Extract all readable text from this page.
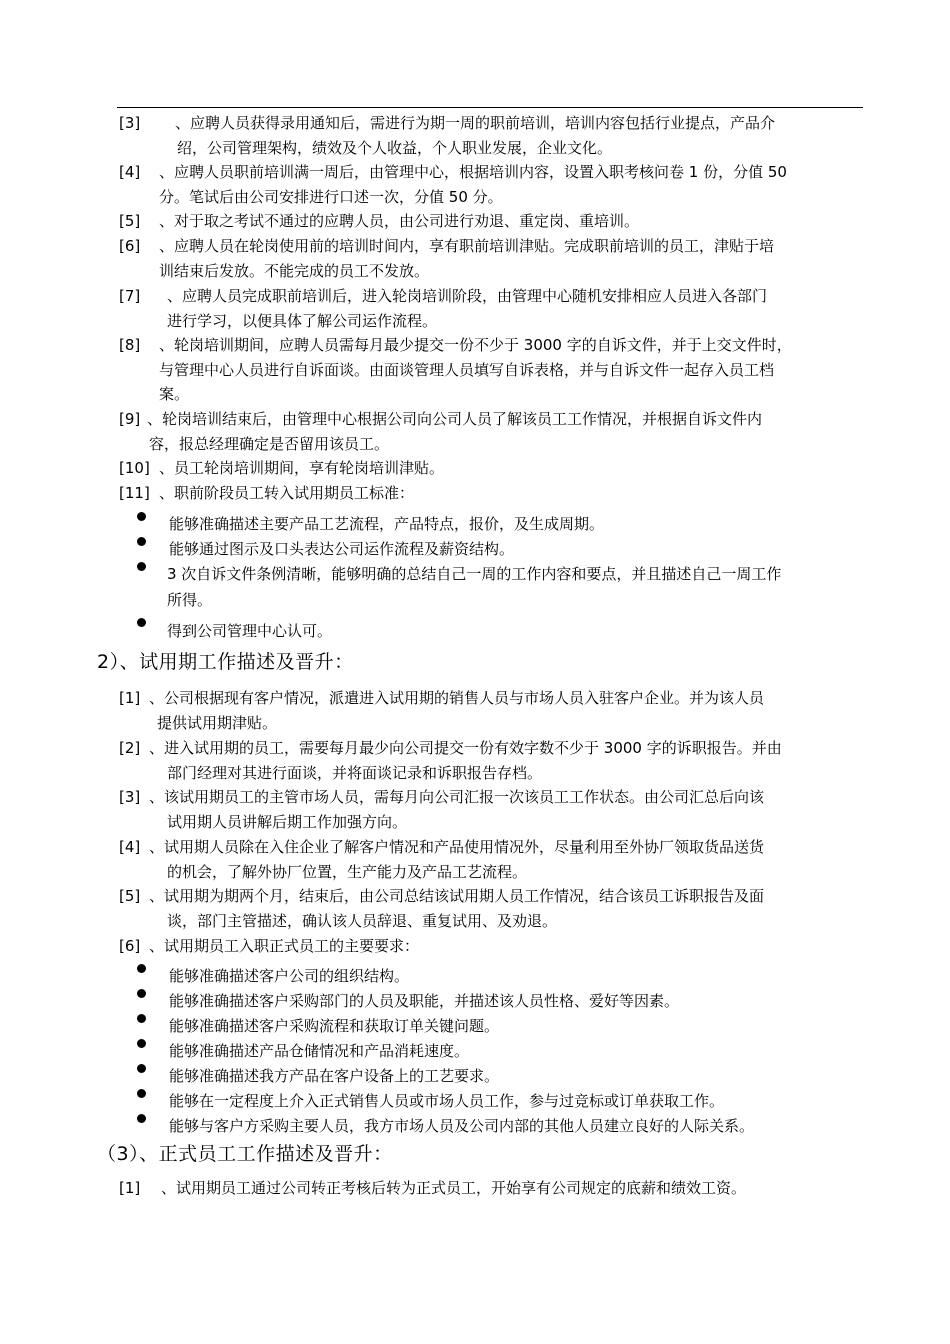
[3] 、应聘人员获得录用通知后，需进行为期一周的职前培训，培训内容包括行业提点，产品介
绍，公司管理架构，绩效及个人收益，个人职业发展，企业文化。
[4] 、应聘人员职前培训满一周后，由管理中心，根据培训内容，设置入职考核问卷 1 份，分值 50
分。笔试后由公司安排进行口述一次，分值 50 分。
[5] 、对于取之考试不通过的应聘人员，由公司进行劝退、重定岗、重培训。
[6] 、应聘人员在轮岗使用前的培训时间内，享有职前培训津贴。完成职前培训的员工，津贴于培
训结束后发放。不能完成的员工不发放。
[7] 、应聘人员完成职前培训后，进入轮岗培训阶段，由管理中心随机安排相应人员进入各部门
进行学习，以便具体了解公司运作流程。
[8] 、轮岗培训期间，应聘人员需每月最少提交一份不少于 3000 字的自诉文件，并于上交文件时，
与管理中心人员进行自诉面谈。由面谈管理人员填写自诉表格，并与自诉文件一起存入员工档
案。
[9] 、轮岗培训结束后，由管理中心根据公司向公司人员了解该员工工作情况，并根据自诉文件内
容，报总经理确定是否留用该员工。
[10] 、员工轮岗培训期间，享有轮岗培训津贴。
[11] 、职前阶段员工转入试用期员工标准：
能够准确描述主要产品工艺流程，产品特点，报价，及生成周期。
能够通过图示及口头表达公司运作流程及薪资结构。
3 次自诉文件条例清晰，能够明确的总结自己一周的工作内容和要点，并且描述自己一周工作
所得。
得到公司管理中心认可。
2）、试用期工作描述及晋升：
[1] 、公司根据现有客户情况，派遣进入试用期的销售人员与市场人员入驻客户企业。并为该人员
提供试用期津贴。
[2] 、进入试用期的员工，需要每月最少向公司提交一份有效字数不少于 3000 字的诉职报告。并由
部门经理对其进行面谈，并将面谈记录和诉职报告存档。
[3] 、该试用期员工的主管市场人员，需每月向公司汇报一次该员工工作状态。由公司汇总后向该
试用期人员讲解后期工作加强方向。
[4] 、试用期人员除在入住企业了解客户情况和产品使用情况外，尽量利用至外协厂领取货品送货
的机会，了解外协厂位置，生产能力及产品工艺流程。
[5] 、试用期为期两个月，结束后，由公司总结该试用期人员工作情况，结合该员工诉职报告及面
谈，部门主管描述，确认该人员辞退、重复试用、及劝退。
[6] 、试用期员工入职正式员工的主要要求：
能够准确描述客户公司的组织结构。
能够准确描述客户采购部门的人员及职能，并描述该人员性格、爱好等因素。
能够准确描述客户采购流程和获取订单关键问题。
能够准确描述产品仓储情况和产品消耗速度。
能够准确描述我方产品在客户设备上的工艺要求。
能够在一定程度上介入正式销售人员或市场人员工作，参与过竞标或订单获取工作。
能够与客户方采购主要人员，我方市场人员及公司内部的其他人员建立良好的人际关系。
（3）、正式员工工作描述及晋升：
[1] 、试用期员工通过公司转正考核后转为正式员工，开始享有公司规定的底薪和绩效工资。
